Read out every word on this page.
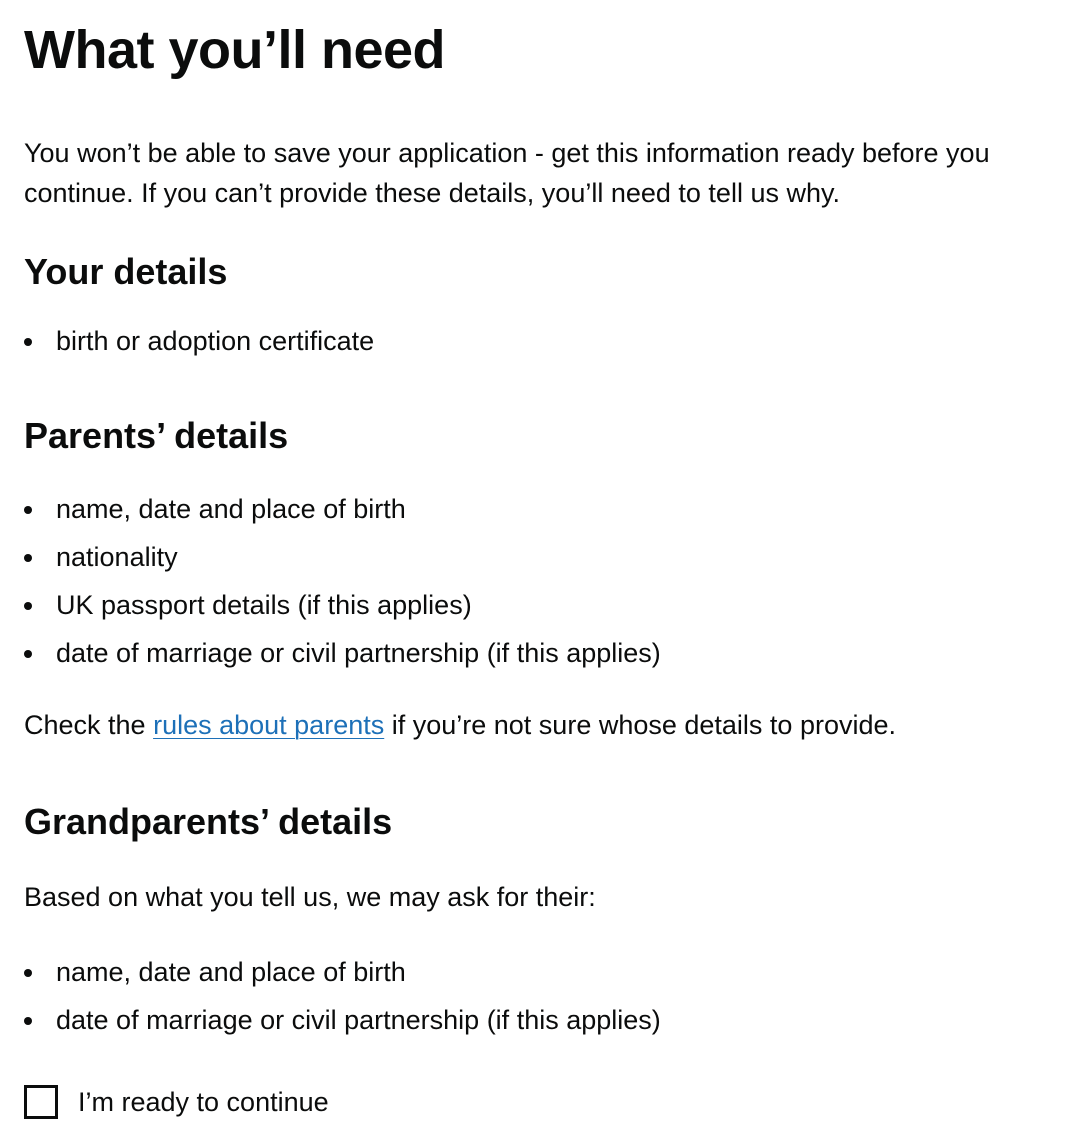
What you’ll need

You won’t be able to save your application - get this information ready before you continue. If you can’t provide these details, you’ll need to tell us why.

Your details
birth or adoption certificate
Parents’ details
name, date and place of birth
nationality
UK passport details (if this applies)
date of marriage or civil partnership (if this applies)

Check the rules about parents if you’re not sure whose details to provide.

Grandparents’ details

Based on what you tell us, we may ask for their:

name, date and place of birth
date of marriage or civil partnership (if this applies)
I’m ready to continue
